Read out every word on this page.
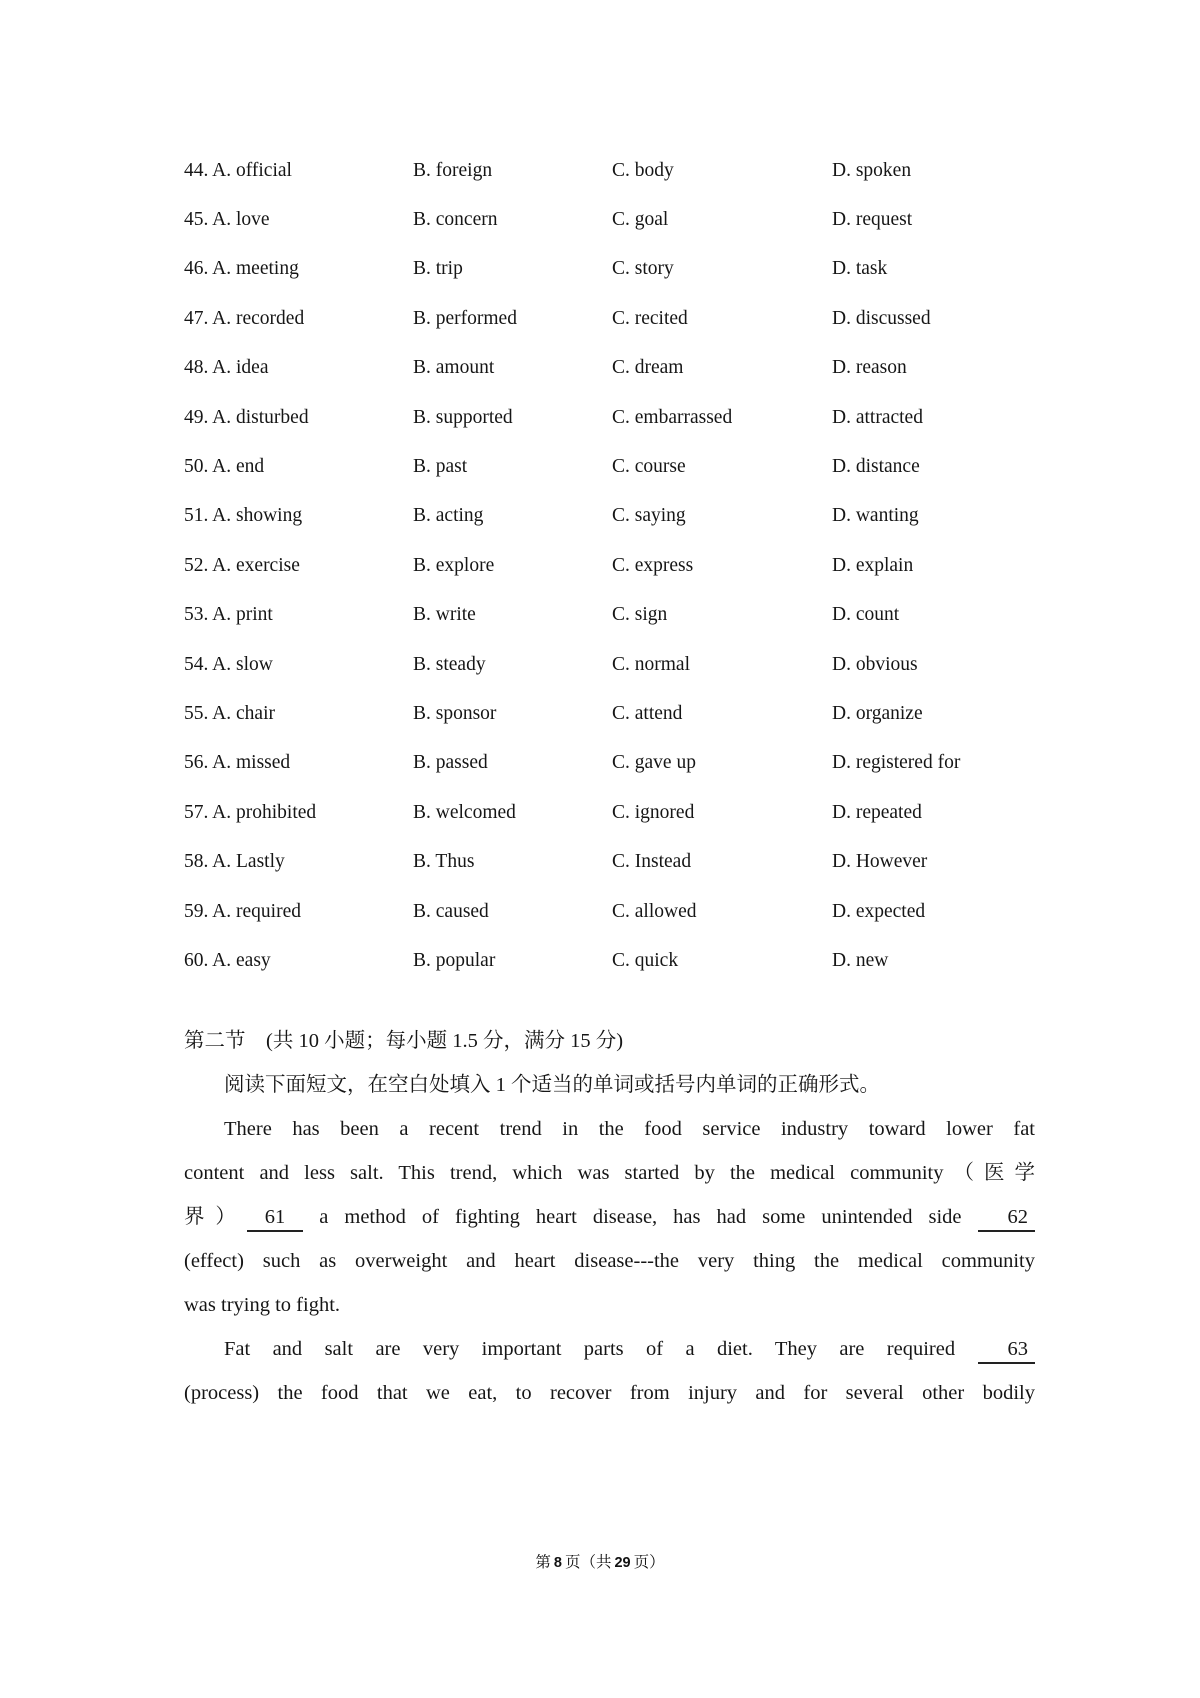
44. A. official	B. foreign	C. body	D. spoken
45. A. love	B. concern	C. goal	D. request
46. A. meeting	B. trip	C. story	D. task
47. A. recorded	B. performed	C. recited	D. discussed
48. A. idea	B. amount	C. dream	D. reason
49. A. disturbed	B. supported	C. embarrassed	D. attracted
50. A. end	B. past	C. course	D. distance
51. A. showing	B. acting	C. saying	D. wanting
52. A. exercise	B. explore	C. express	D. explain
53. A. print	B. write	C. sign	D. count
54. A. slow	B. steady	C. normal	D. obvious
55. A. chair	B. sponsor	C. attend	D. organize
56. A. missed	B. passed	C. gave up	D. registered for
57. A. prohibited	B. welcomed	C. ignored	D. repeated
58. A. Lastly	B. Thus	C. Instead	D. However
59. A. required	B. caused	C. allowed	D. expected
60. A. easy	B. popular	C. quick	D. new
第二节　(共 10 小题；每小题 1.5 分，满分 15 分)
阅读下面短文，在空白处填入 1 个适当的单词或括号内单词的正确形式。
There has been a recent trend in the food service industry toward lower fat
content and less salt. This trend, which was started by the medical community（医学
界） 61 a method of fighting heart disease, has had some unintended side 62
(effect) such as overweight and heart disease---the very thing the medical community
was trying to fight.
Fat and salt are very important parts of a diet. They are required	63
(process) the food that we eat, to recover from injury and for several other bodily
第 8 页（共 29 页）
